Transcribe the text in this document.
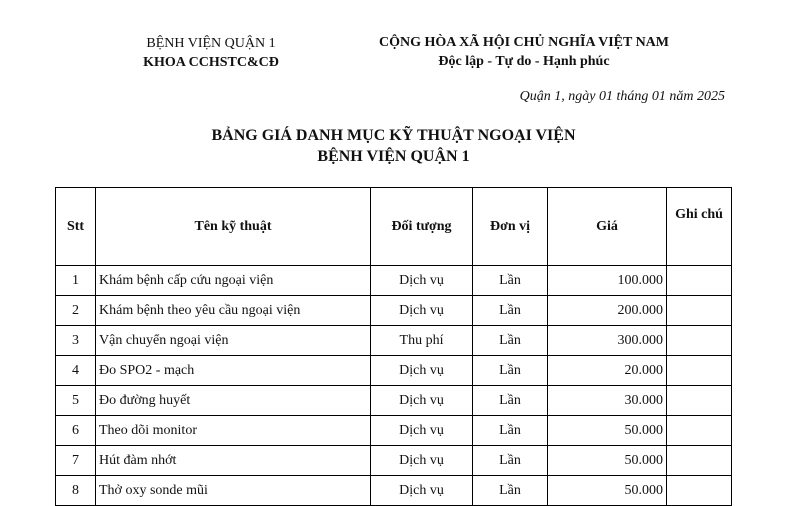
BỆNH VIỆN QUẬN 1
KHOA CCHSTC&CĐ
CỘNG HÒA XÃ HỘI CHỦ NGHĨA VIỆT NAM
Độc lập - Tự do - Hạnh phúc
Quận 1, ngày 01 tháng 01 năm 2025
BẢNG GIÁ DANH MỤC KỸ THUẬT NGOẠI VIỆN
BỆNH VIỆN QUẬN 1
Stt	Tên kỹ thuật	Đối tượng	Đơn vị	Giá	Ghi chú
1	Khám bệnh cấp cứu ngoại viện	Dịch vụ	Lần	100.000	
2	Khám bệnh theo yêu cầu ngoại viện	Dịch vụ	Lần	200.000	
3	Vận chuyển ngoại viện	Thu phí	Lần	300.000	
4	Đo SPO2 - mạch	Dịch vụ	Lần	20.000	
5	Đo đường huyết	Dịch vụ	Lần	30.000	
6	Theo dõi monitor	Dịch vụ	Lần	50.000	
7	Hút đàm nhớt	Dịch vụ	Lần	50.000	
8	Thở oxy sonde mũi	Dịch vụ	Lần	50.000	
